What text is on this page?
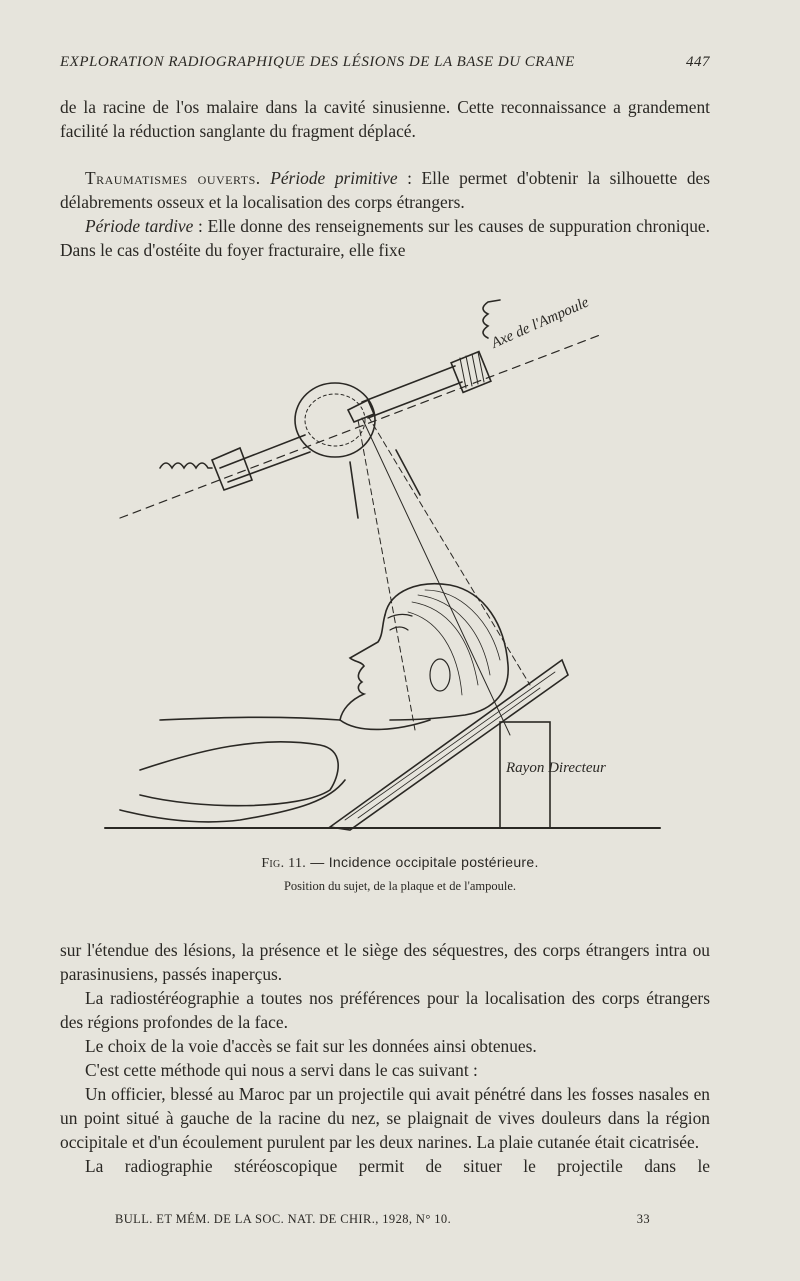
EXPLORATION RADIOGRAPHIQUE DES LÉSIONS DE LA BASE DU CRANE	447

de la racine de l'os malaire dans la cavité sinusienne. Cette reconnaissance a grandement facilité la réduction sanglante du fragment déplacé.

Traumatismes ouverts. Période primitive : Elle permet d'obtenir la silhouette des délabrements osseux et la localisation des corps étrangers.

Période tardive : Elle donne des renseignements sur les causes de suppuration chronique. Dans le cas d'ostéite du foyer fracturaire, elle fixe

Axe de l'Ampoule
Rayon Directeur
Fig. 11. — Incidence occipitale postérieure.
Position du sujet, de la plaque et de l'ampoule.

sur l'étendue des lésions, la présence et le siège des séquestres, des corps étrangers intra ou parasinusiens, passés inaperçus.

La radiostéréographie a toutes nos préférences pour la localisation des corps étrangers des régions profondes de la face.

Le choix de la voie d'accès se fait sur les données ainsi obtenues.

C'est cette méthode qui nous a servi dans le cas suivant :

Un officier, blessé au Maroc par un projectile qui avait pénétré dans les fosses nasales en un point situé à gauche de la racine du nez, se plaignait de vives douleurs dans la région occipitale et d'un écoulement purulent par les deux narines. La plaie cutanée était cicatrisée.

La radiographie stéréoscopique permit de situer le projectile dans le

BULL. ET MÉM. DE LA SOC. NAT. DE CHIR., 1928, N° 10.	33
